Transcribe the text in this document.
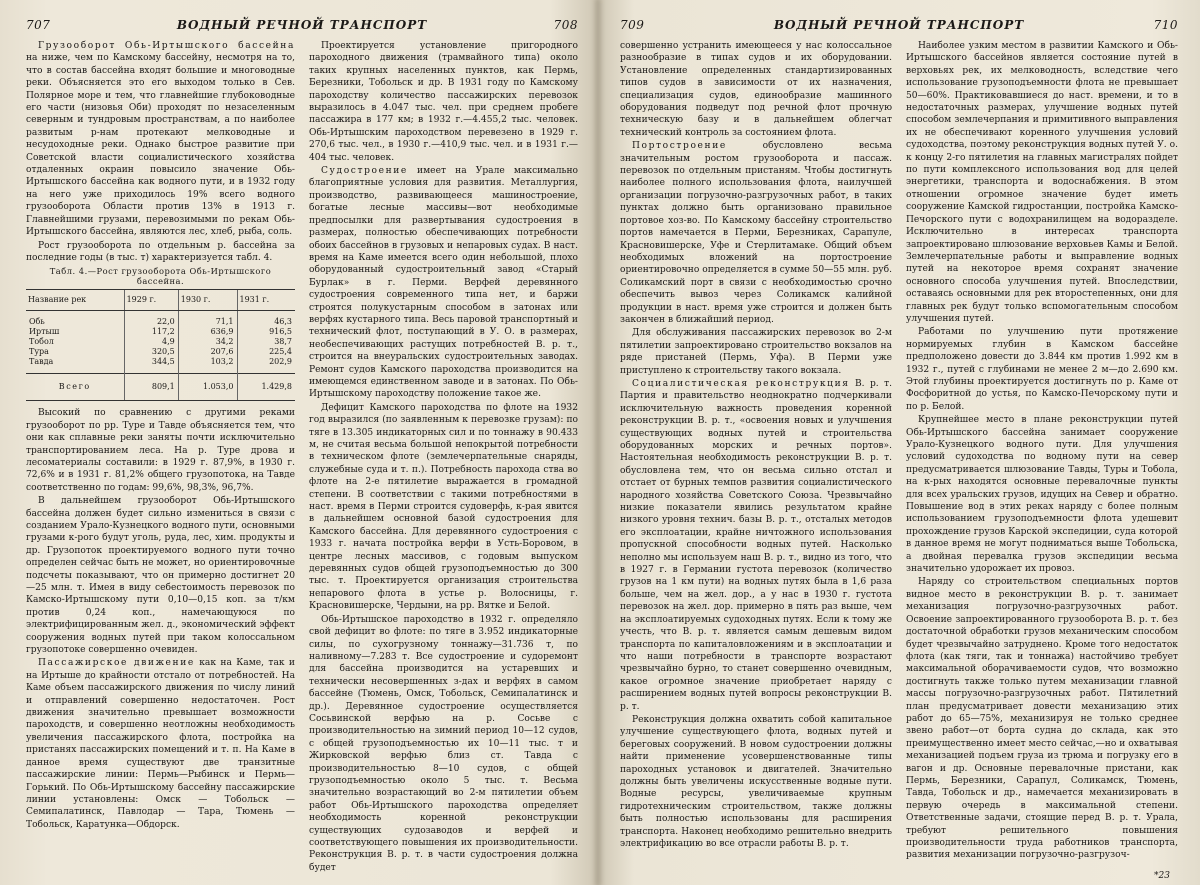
707	ВОДНЫЙ РЕЧНОЙ ТРАНСПОРТ	708

Грузооборот Обь-Иртышского бассейна на ниже, чем по Камскому бассейну, несмотря на то, что в состав бассейна входят большие и многоводные реки. Объясняется это его выходом только в Сев. Полярное море и тем, что главнейшие глубоководные его части (низовья Оби) проходят по незаселенным северным и тундровым пространствам, а по наиболее развитым р-нам протекают мелководные и несудоходные реки. Однако быстрое развитие при Советской власти социалистического хозяйства отдаленных окраин повысило значение Обь-Иртышского бассейна как водного пути, и в 1932 году на него уже приходилось 19% всего водного грузооборота Области против 13% в 1913 г. Главнейшими грузами, перевозимыми по рекам Обь-Иртышского бассейна, являются лес, хлеб, рыба, соль.

Рост грузооборота по отдельным р. бассейна за последние годы (в тыс. т) характеризуется табл. 4.

Табл. 4.—Рост грузооборота Обь-Иртышского бассейна.
Название рек	1929 г.	1930 г.	1931 г.
Обь	22,0	71,1	46,3
Иртыш	117,2	636,9	916,5
Тобол	4,9	34,2	38,7
Тура	320,5	207,6	225,4
Тавда	344,5	103,2	202,9
Всего	809,1	1.053,0	1.429,8

Высокий по сравнению с другими реками грузооборот по рр. Туре и Тавде объясняется тем, что они как сплавные реки заняты почти исключительно транспортированием леса. На р. Туре дрова и лесоматериалы составили: в 1929 г. 87,9%, в 1930 г. 72,6% и в 1931 г. 81,2% общего грузопотока, на Тавде соответственно по годам: 99,6%, 98,3%, 96,7%.

В дальнейшем грузооборот Обь-Иртышского бассейна должен будет сильно измениться в связи с созданием Урало-Кузнецкого водного пути, основными грузами к-рого будут уголь, руда, лес, хим. продукты и др. Грузопоток проектируемого водного пути точно определен сейчас быть не может, но ориентировочные подсчеты показывают, что он примерно достигнет 20—25 млн. т. Имея в виду себестоимость перевозок по Камско-Иртышскому пути 0,10—0,15 коп. за т/км против 0,24 коп., намечающуюся по электрифицированным жел. д., экономический эффект сооружения водных путей при таком колоссальном грузопотоке совершенно очевиден.

Пассажирское движение как на Каме, так и на Иртыше до крайности отстало от потребностей. На Каме объем пассажирского движения по числу линий и отправлений совершенно недостаточен. Рост движения значительно превышает возможности пароходств, и совершенно неотложны необходимость увеличения пассажирского флота, постройка на пристанях пассажирских помещений и т. п. На Каме в данное время существуют две транзитные пассажирские линии: Пермь—Рыбинск и Пермь—Горький. По Обь-Иртышскому бассейну пассажирские линии установлены: Омск — Тобольск — Семипалатинск, Павлодар — Тара, Тюмень — Тобольск, Каратунка—Обдорск.

Проектируется установление пригородного пароходного движения (трамвайного типа) около таких крупных населенных пунктов, как Пермь, Березники, Тобольск и др. В 1931 году по Камскому пароходству количество пассажирских перевозок выразилось в 4.047 тыс. чел. при среднем пробеге пассажира в 177 км; в 1932 г.—4.455,2 тыс. человек. Обь-Иртышским пароходством перевезено в 1929 г. 270,6 тыс. чел., в 1930 г.—410,9 тыс. чел. и в 1931 г.—404 тыс. человек.

Судостроение имеет на Урале максимально благоприятные условия для развития. Металлургия, производство, развивающееся машиностроение, богатые лесные массивы—вот необходимые предпосылки для развертывания судостроения в размерах, полностью обеспечивающих потребности обоих бассейнов в грузовых и непаровых судах. В наст. время на Каме имеется всего один небольшой, плохо оборудованный судостроительный завод «Старый Бурлак» в г. Перми. Верфей деревянного судостроения современного типа нет, и баржи строятся полукустарным способом в затонах или верфях кустарного типа. Весь паровой транспортный и технический флот, поступающий в У. О. в размерах, необеспечивающих растущих потребностей В. р. т., строится на внеуральских судостроительных заводах. Ремонт судов Камского пароходства производится на имеющемся единственном заводе и в затонах. По Обь-Иртышскому пароходству положение такое же.

Дефицит Камского пароходства по флоте на 1932 год выразился (по заявленным к перевозке грузам): по тяге в 13.305 индикаторных сил и по тоннажу в 90.433 м, не считая весьма большой непокрытой потребности в техническом флоте (землечерпательные снаряды, служебные суда и т. п.). Потребность парохода ства во флоте на 2-е пятилетие выражается в громадной степени. В соответствии с такими потребностями в наст. время в Перми строится судоверфь, к-рая явится в дальнейшем основной базой судостроения для Камского бассейна. Для деревянного судостроения с 1933 г. начата постройка верфи в Усть-Боровом, в центре лесных массивов, с годовым выпуском деревянных судов общей грузоподъемностью до 300 тыс. т. Проектируется организация строительства непарового флота в устье р. Волосницы, г. Красновишерске, Чердыни, на рр. Вятке и Белой.

Обь-Иртышское пароходство в 1932 г. определяло свой дефицит во флоте: по тяге в 3.952 индикаторные силы, по сухогрузному тоннажу—31.736 т, по наливному—7.283 т. Все судостроение и судоремонт для бассейна производится на устаревших и технически несовершенных з-дах и верфях в самом бассейне (Тюмень, Омск, Тобольск, Семипалатинск и др.). Деревянное судостроение осуществляется Сосьвинской верфью на р. Сосьве с производительностью на зимний период 10—12 судов, с общей грузоподъемностью их 10—11 тыс. т и Жирковской верфью близ ст. Тавда с производительностью 8—10 судов, с общей грузоподъемностью около 5 тыс. т. Весьма значительно возрастающий во 2-м пятилетии объем работ Обь-Иртышского пароходства определяет необходимость коренной реконструкции существующих судозаводов и верфей и соответствующего повышения их производительности. Реконструкция В. р. т. в части судостроения должна будет

709	ВОДНЫЙ РЕЧНОЙ ТРАНСПОРТ	710

совершенно устранить имеющееся у нас колоссальное разнообразие в типах судов и их оборудовании. Установление определенных стандартизированных типов судов в зависимости от их назначения, специализация судов, единообразие машинного оборудования подведут под речной флот прочную техническую базу и в дальнейшем облегчат технический контроль за состоянием флота.

Портостроение обусловлено весьма значительным ростом грузооборота и пассаж. перевозок по отдельным пристаням. Чтобы достигнуть наиболее полного использования флота, наилучшей организации погрузочно-разгрузочных работ, в таких пунктах должно быть организовано правильное портовое хоз-во. По Камскому бассейну строительство портов намечается в Перми, Березниках, Сарапуле, Красновишерске, Уфе и Стерлитамаке. Общий объем необходимых вложений на портостроение ориентировочно определяется в сумме 50—55 млн. руб. Соликамский порт в связи с необходимостью срочно обеспечить вывоз через Соликамск калийной продукции в наст. время уже строится и должен быть закончен в ближайший период.

Для обслуживания пассажирских перевозок во 2-м пятилетии запроектировано строительство вокзалов на ряде пристаней (Пермь, Уфа). В Перми уже приступлено к строительству такого вокзала.

Социалистическая реконструкция В. р. т. Партия и правительство неоднократно подчеркивали исключительную важность проведения коренной реконструкции В. р. т., «освоения новых и улучшения существующих водных путей и строительства оборудованных морских и речных портов». Настоятельная необходимость реконструкции В. р. т. обусловлена тем, что он весьма сильно отстал и отстает от бурных темпов развития социалистического народного хозяйства Советского Союза. Чрезвычайно низкие показатели явились результатом крайне низкого уровня технич. базы В. р. т., отсталых методов его эксплоатации, крайне ничтожного использования пропускной способности водных путей. Насколько неполно мы используем наш В. р. т., видно из того, что в 1927 г. в Германии густота перевозок (количество грузов на 1 км пути) на водных путях была в 1,6 раза больше, чем на жел. дор., а у нас в 1930 г. густота перевозок на жел. дор. примерно в пять раз выше, чем на эксплоатируемых судоходных путях. Если к тому же учесть, что В. р. т. является самым дешевым видом транспорта по капиталовложениям и в эксплоатации и что наши потребности в транспорте возрастают чрезвычайно бурно, то станет совершенно очевидным, какое огромное значение приобретает наряду с расширением водных путей вопросы реконструкции В. р. т.

Реконструкция должна охватить собой капитальное улучшение существующего флота, водных путей и береговых сооружений. В новом судостроении должны найти применение усовершенствованные типы пароходных установок и двигателей. Значительно должны быть увеличены искусственные водные пути. Водные ресурсы, увеличиваемые крупным гидротехническим строительством, также должны быть полностью использованы для расширения транспорта. Наконец необходимо решительно внедрить электрификацию во все отрасли работы В. р. т.

Наиболее узким местом в развитии Камского и Обь-Иртышского бассейнов является состояние путей в верховьях рек, их мелководность, вследствие чего использование грузоподъемности флота не превышает 50—60%. Практиковавшиеся до наст. времени, и то в недостаточных размерах, улучшение водных путей способом землечерпания и примитивного выправления их не обеспечивают коренного улучшения условий судоходства, поэтому реконструкция водных путей У. о. к концу 2-го пятилетия на главных магистралях пойдет по пути комплексного использования вод для целей энергетики, транспорта и водоснабжения. В этом отношении огромное значение будет иметь сооружение Камской гидростанции, постройка Камско-Печорского пути с водохранилищем на водоразделе. Исключительно в интересах транспорта запроектировано шлюзование верховьев Камы и Белой. Землечерпательные работы и выправление водных путей на некоторое время сохранят значение основного способа улучшения путей. Впоследствии, оставаясь основными для рек второстепенных, они для главных рек будут только вспомогательным способом улучшения путей.

Работами по улучшению пути протяжение нормируемых глубин в Камском бассейне предположено довести до 3.844 км против 1.992 км в 1932 г., путей с глубинами не менее 2 м—до 2.690 км. Этой глубины проектируется достигнуть по р. Каме от Фосфоритной до устья, по Камско-Печорскому пути и по р. Белой.

Крупнейшее место в плане реконструкции путей Обь-Иртышского бассейна занимает сооружение Урало-Кузнецкого водного пути. Для улучшения условий судоходства по водному пути на север предусматривается шлюзование Тавды, Туры и Тобола, на к-рых находятся основные перевалочные пункты для всех уральских грузов, идущих на Север и обратно. Повышение вод в этих реках наряду с более полным использованием грузоподъемности флота удешевит прохождение грузов Карской экспедиции, суда которой в данное время не могут подниматься выше Тобольска, а двойная перевалка грузов экспедиции весьма значительно удорожает их провоз.

Наряду со строительством специальных портов видное место в реконструкции В. р. т. занимает механизация погрузочно-разгрузочных работ. Освоение запроектированного грузооборота В. р. т. без достаточной обработки грузов механическим способом будет чрезвычайно затруднено. Кроме того недостаток флота (как тяги, так и тоннажа) настойчиво требует максимальной оборачиваемости судов, что возможно достигнуть также только путем механизации главной массы погрузочно-разгрузочных работ. Пятилетний план предусматривает довести механизацию этих работ до 65—75%, механизируя не только среднее звено работ—от борта судна до склада, как это преимущественно имеет место сейчас,—но и охватывая механизацией подъем груза из трюма и погрузку его в вагон и др. Основные перевалочные пристани, как Пермь, Березники, Сарапул, Соликамск, Тюмень, Тавда, Тобольск и др., намечается механизировать в первую очередь в максимальной степени. Ответственные задачи, стоящие перед В. р. т. Урала, требуют решительного повышения производительности труда работников транспорта, развития механизации погрузочно-разгрузоч-

*23
